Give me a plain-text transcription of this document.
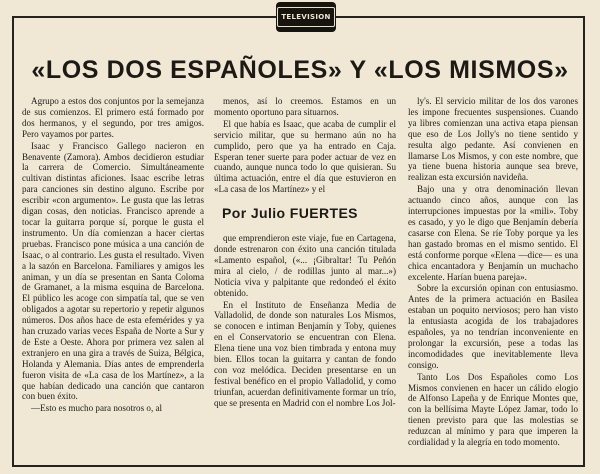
TELEVISION
«LOS DOS ESPAÑOLES» Y «LOS MISMOS»

Agrupo a estos dos conjuntos por la semejanza de sus comienzos. El primero está formado por dos hermanos, y el segundo, por tres amigos. Pero vayamos por partes.

Isaac y Francisco Gallego nacieron en Benavente (Zamora). Ambos decidieron estudiar la carrera de Comercio. Simultáneamente cultivan distintas aficiones. Isaac escribe letras para canciones sin destino alguno. Escribe por escribir «con argumento». Le gusta que las letras digan cosas, den noticias. Francisco aprende a tocar la guitarra porque sí, porque le gusta el instrumento. Un día comienzan a hacer ciertas pruebas. Francisco pone música a una canción de Isaac, o al contrario. Les gusta el resultado. Viven a la sazón en Barcelona. Familiares y amigos les animan, y un día se presentan en Santa Coloma de Gramanet, a la misma esquina de Barcelona. El público les acoge con simpatía tal, que se ven obligados a agotar su repertorio y repetir algunos números. Dos años hace de esta efemérides y ya han cruzado varias veces España de Norte a Sur y de Este a Oeste. Ahora por primera vez salen al extranjero en una gira a través de Suiza, Bélgica, Holanda y Alemania. Días antes de emprenderla fueron visita de «La casa de los Martínez», a la que habían dedicado una canción que cantaron con buen éxito.

—Esto es mucho para nosotros o, al

menos, así lo creemos. Estamos en un momento oportuno para situarnos.

El que había es Isaac, que acaba de cumplir el servicio militar, que su hermano aún no ha cumplido, pero que ya ha entrado en Caja. Esperan tener suerte para poder actuar de vez en cuando, aunque nunca todo lo que quisieran. Su última actuación, entre el día que estuvieron en «La casa de los Martínez» y el

Por Julio FUERTES

que emprendieron este viaje, fue en Cartagena, donde estrenaron con éxito una canción titulada «Lamento español, («... ¡Gibraltar! Tu Peñón mira al cielo, / de rodillas junto al mar...») Noticia viva y palpitante que redondeó el éxito obtenido.

En el Instituto de Enseñanza Media de Valladolid, de donde son naturales Los Mismos, se conocen e intiman Benjamín y Toby, quienes en el Conservatorio se encuentran con Elena. Elena tiene una voz bien timbrada y entona muy bien. Ellos tocan la guitarra y cantan de fondo con voz melódica. Deciden presentarse en un festival benéfico en el propio Valladolid, y como triunfan, acuerdan definitivamente formar un trío, que se presenta en Madrid con el nombre Los Jol-

ly's. El servicio militar de los dos varones les impone frecuentes suspensiones. Cuando ya libres comienzan una activa etapa piensan que eso de Los Jolly's no tiene sentido y resulta algo pedante. Así convienen en llamarse Los Mismos, y con este nombre, que ya tiene buena historia aunque sea breve, realizan esta excursión navideña.

Bajo una y otra denominación llevan actuando cinco años, aunque con las interrupciones impuestas por la «mili». Toby es casado, y yo le digo que Benjamín debería casarse con Elena. Se ríe Toby porque ya les han gastado bromas en el mismo sentido. El está conforme porque «Elena —dice— es una chica encantadora y Benjamín un muchacho excelente. Harían buena pareja».

Sobre la excursión opinan con entusiasmo. Antes de la primera actuación en Basilea estaban un poquito nerviosos; pero han visto la entusiasta acogida de los trabajadores españoles, ya no tendrían inconveniente en prolongar la excursión, pese a todas las incomodidades que inevitablemente lleva consigo.

Tanto Los Dos Españoles como Los Mismos convienen en hacer un cálido elogio de Alfonso Lapeña y de Enrique Montes que, con la bellísima Mayte López Jamar, todo lo tienen previsto para que las molestias se reduzcan al mínimo y para que imperen la cordialidad y la alegría en todo momento.
